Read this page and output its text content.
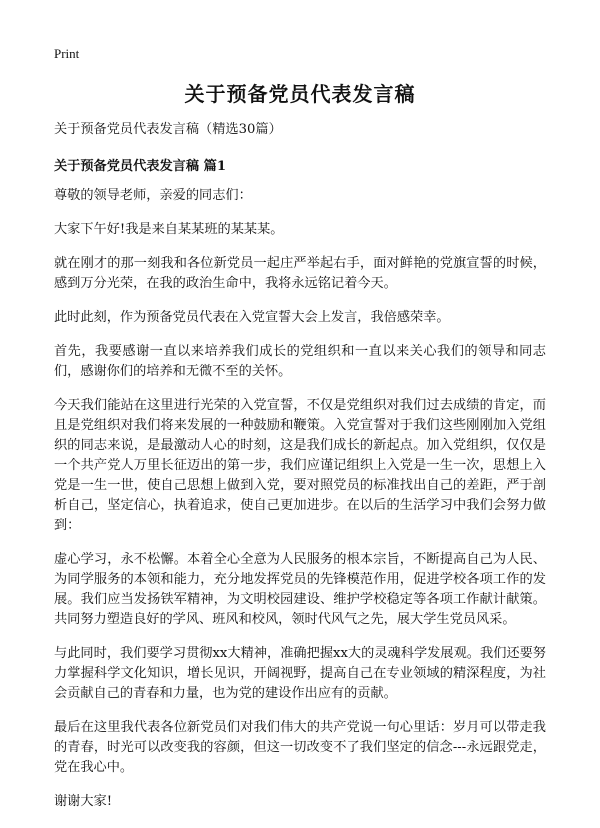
Print
关于预备党员代表发言稿

关于预备党员代表发言稿（精选30篇）

关于预备党员代表发言稿 篇1

尊敬的领导老师，亲爱的同志们：

大家下午好!我是来自某某班的某某某。

就在刚才的那一刻我和各位新党员一起庄严举起右手，面对鲜艳的党旗宣誓的时候，感到万分光荣，在我的政治生命中，我将永远铭记着今天。

此时此刻，作为预备党员代表在入党宣誓大会上发言，我倍感荣幸。

首先，我要感谢一直以来培养我们成长的党组织和一直以来关心我们的领导和同志们，感谢你们的培养和无微不至的关怀。

今天我们能站在这里进行光荣的入党宣誓，不仅是党组织对我们过去成绩的肯定，而且是党组织对我们将来发展的一种鼓励和鞭策。入党宣誓对于我们这些刚刚加入党组织的同志来说，是最激动人心的时刻，这是我们成长的新起点。加入党组织，仅仅是一个共产党人万里长征迈出的第一步，我们应谨记组织上入党是一生一次，思想上入党是一生一世，使自己思想上做到入党，要对照党员的标准找出自己的差距，严于剖析自己，坚定信心，执着追求，使自己更加进步。在以后的生活学习中我们会努力做到：

虚心学习，永不松懈。本着全心全意为人民服务的根本宗旨，不断提高自己为人民、为同学服务的本领和能力，充分地发挥党员的先锋模范作用，促进学校各项工作的发展。我们应当发扬铁军精神，为文明校园建设、维护学校稳定等各项工作献计献策。共同努力塑造良好的学风、班风和校风，领时代风气之先，展大学生党员风采。

与此同时，我们要学习贯彻xx大精神，准确把握xx大的灵魂科学发展观。我们还要努力掌握科学文化知识，增长见识，开阔视野，提高自己在专业领域的精深程度，为社会贡献自己的青春和力量，也为党的建设作出应有的贡献。

最后在这里我代表各位新党员们对我们伟大的共产党说一句心里话：岁月可以带走我的青春，时光可以改变我的容颜，但这一切改变不了我们坚定的信念---永远跟党走，党在我心中。

谢谢大家!
